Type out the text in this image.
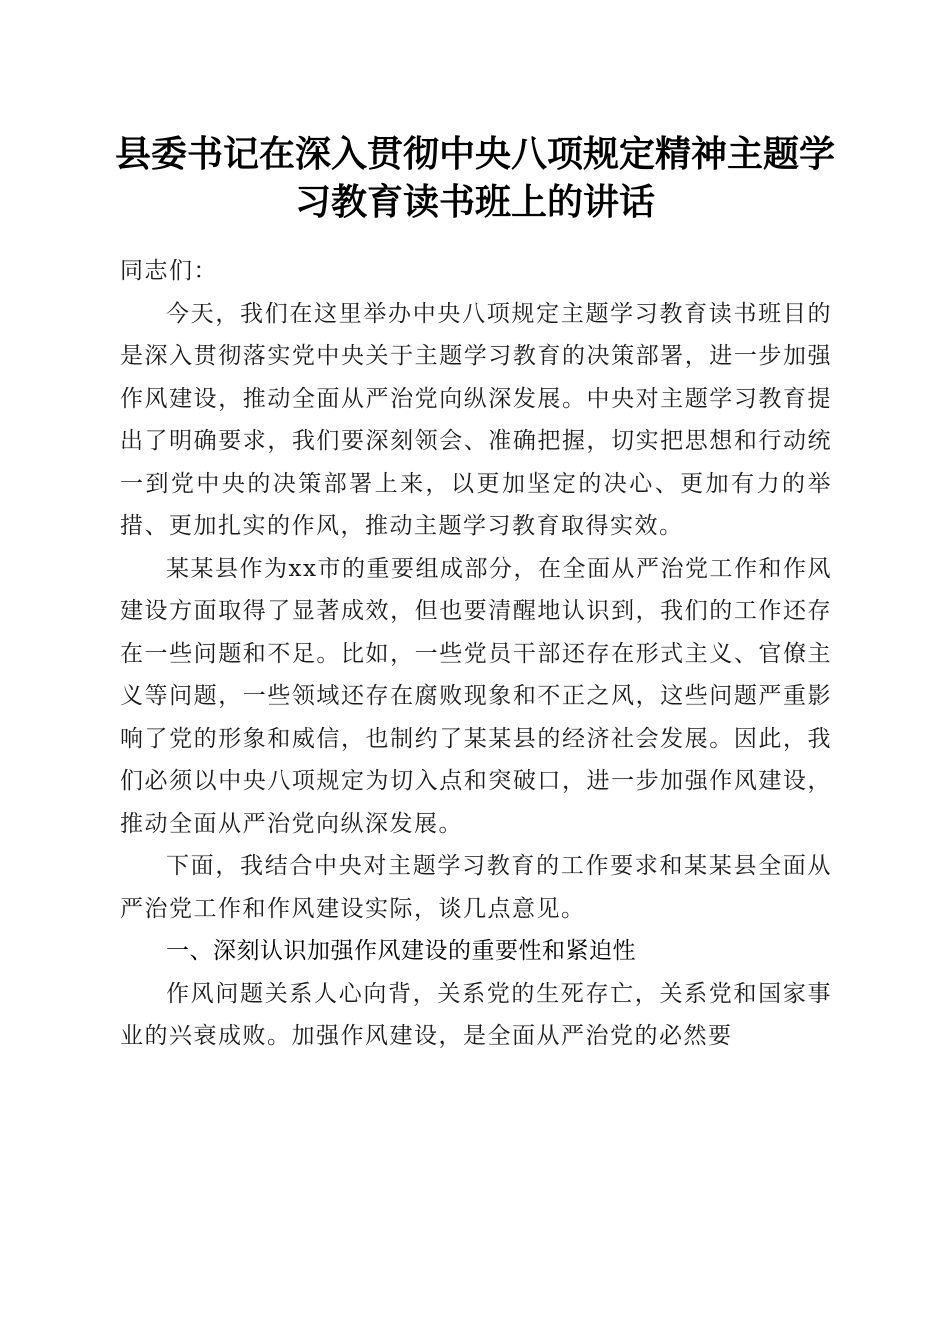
县委书记在深入贯彻中央八项规定精神主题学
习教育读书班上的讲话

同志们：

今天，我们在这里举办中央八项规定主题学习教育读书班目的是深入贯彻落实党中央关于主题学习教育的决策部署，进一步加强作风建设，推动全面从严治党向纵深发展。中央对主题学习教育提出了明确要求，我们要深刻领会、准确把握，切实把思想和行动统一到党中央的决策部署上来，以更加坚定的决心、更加有力的举措、更加扎实的作风，推动主题学习教育取得实效。

某某县作为xx市的重要组成部分，在全面从严治党工作和作风建设方面取得了显著成效，但也要清醒地认识到，我们的工作还存在一些问题和不足。比如，一些党员干部还存在形式主义、官僚主义等问题，一些领域还存在腐败现象和不正之风，这些问题严重影响了党的形象和威信，也制约了某某县的经济社会发展。因此，我们必须以中央八项规定为切入点和突破口，进一步加强作风建设，推动全面从严治党向纵深发展。

下面，我结合中央对主题学习教育的工作要求和某某县全面从严治党工作和作风建设实际，谈几点意见。

一、深刻认识加强作风建设的重要性和紧迫性

作风问题关系人心向背，关系党的生死存亡，关系党和国家事业的兴衰成败。加强作风建设，是全面从严治党的必然要
